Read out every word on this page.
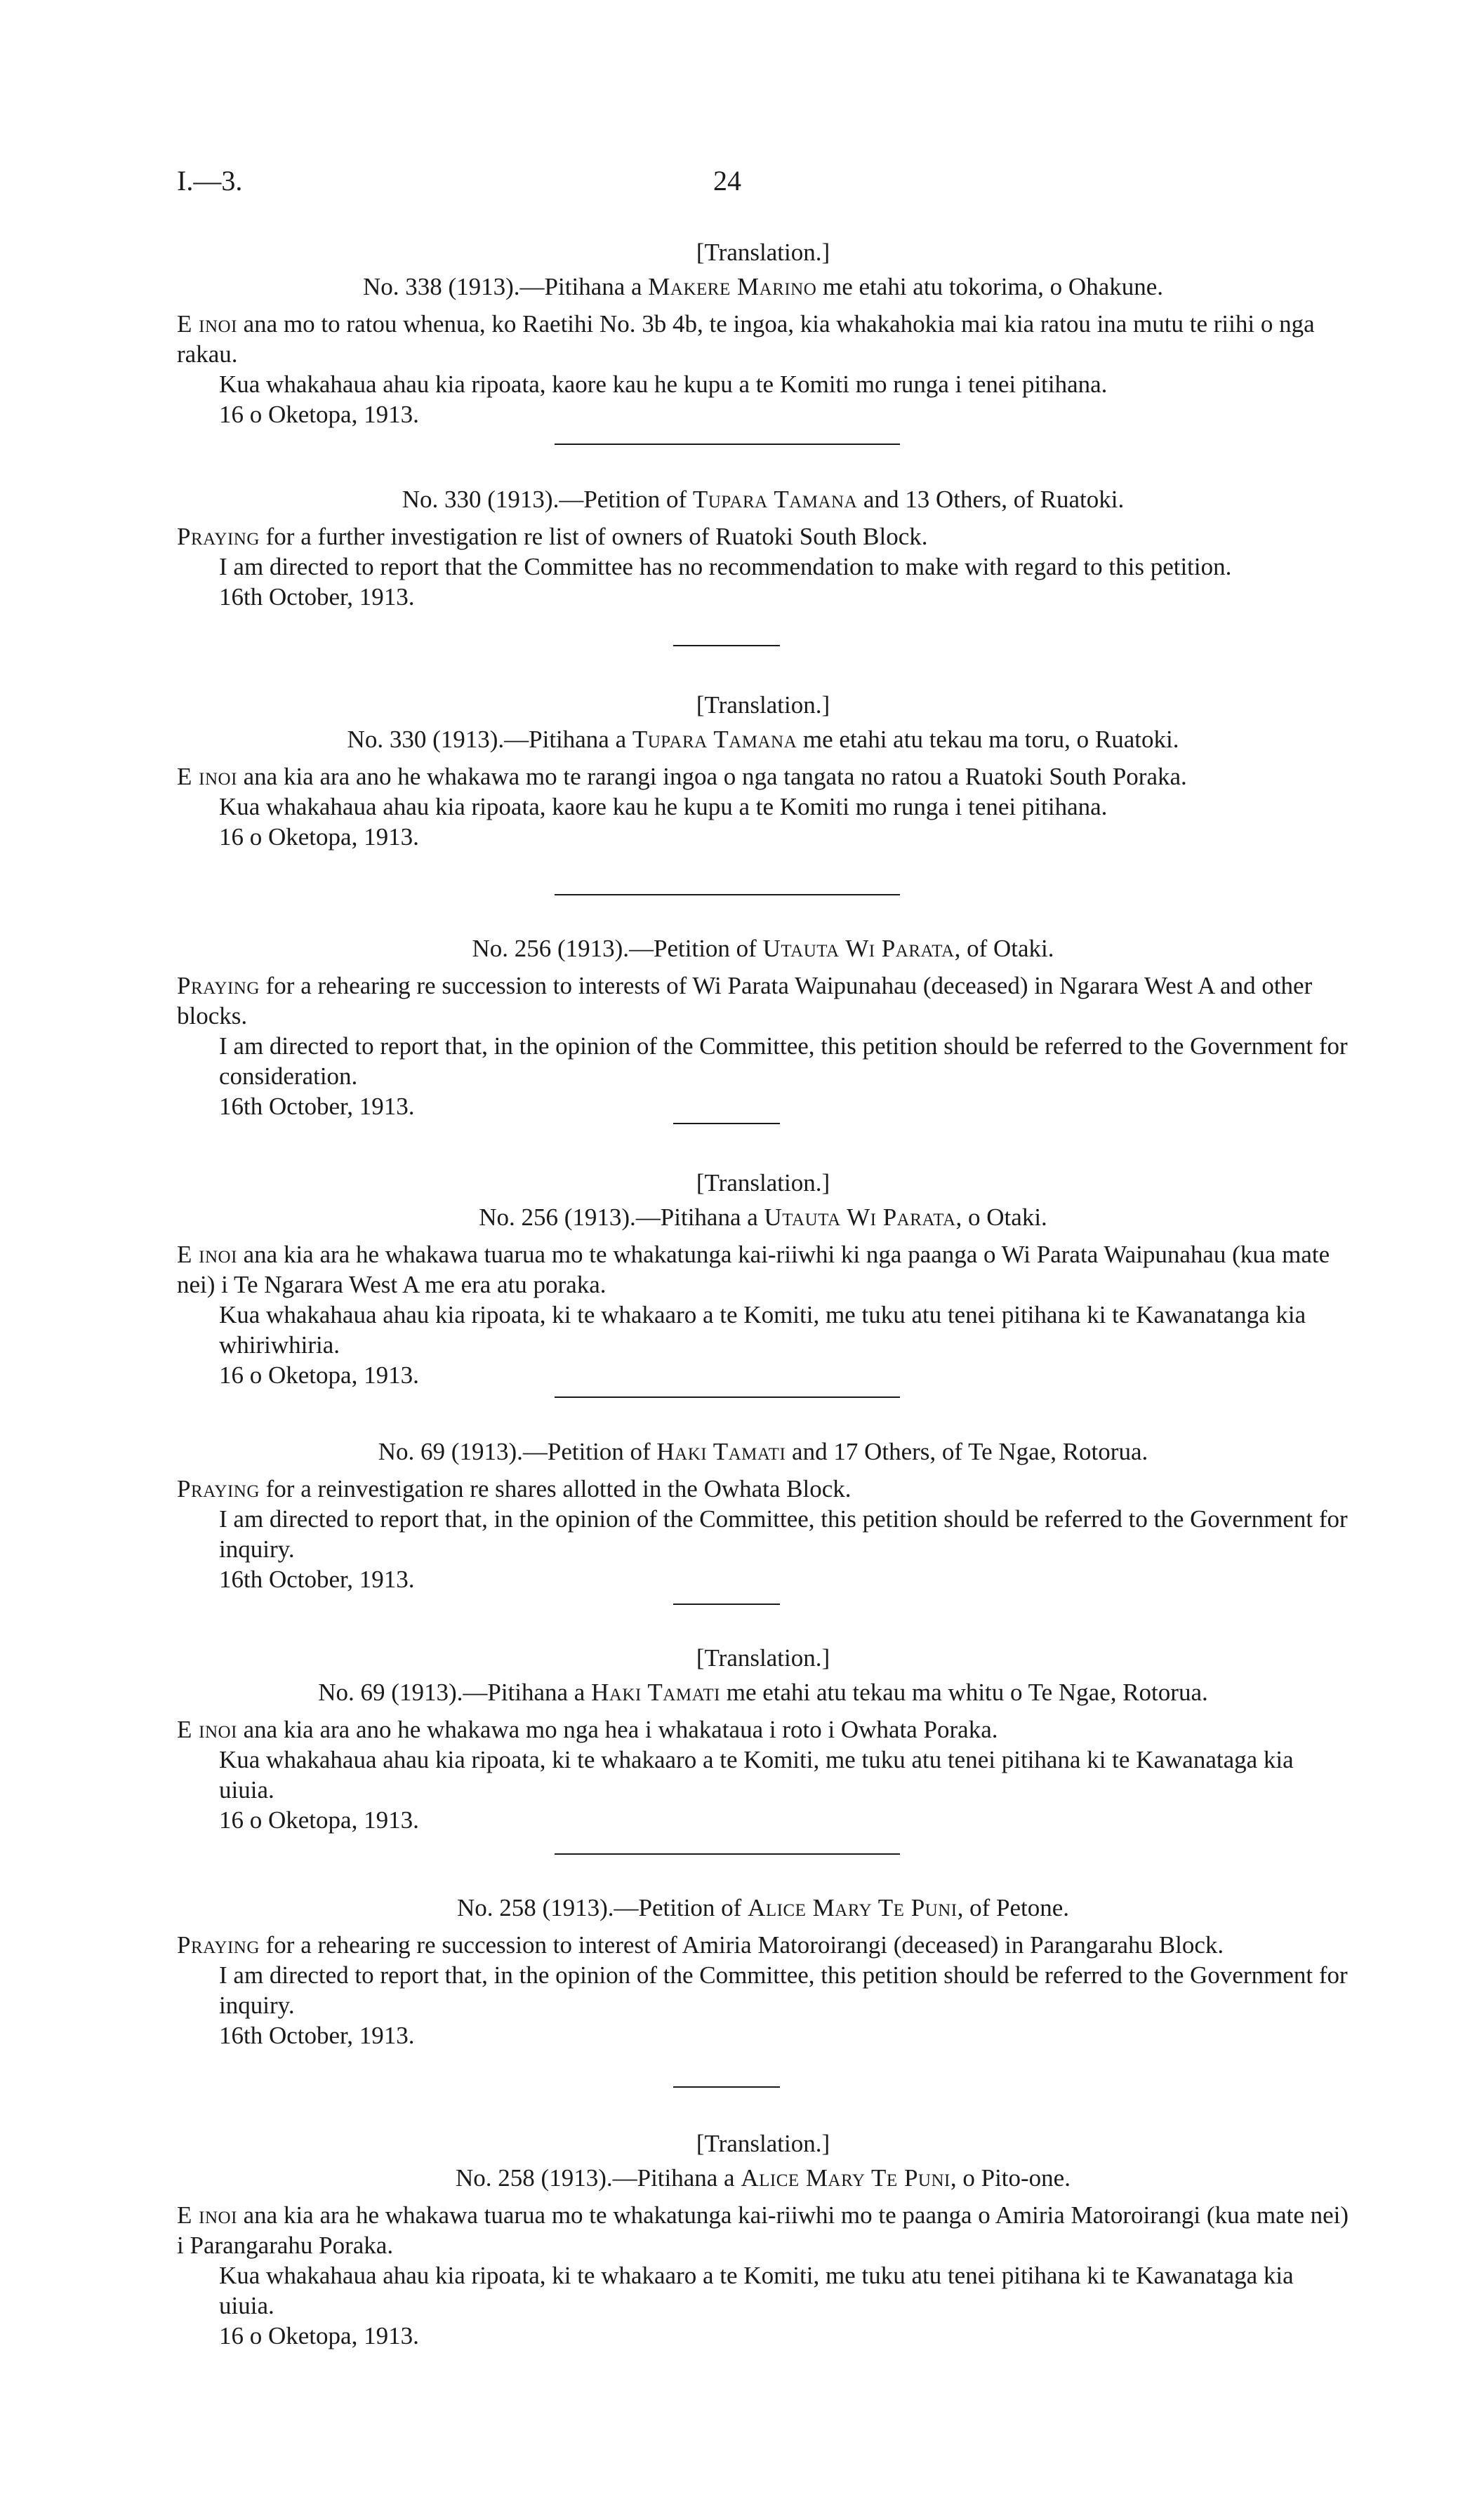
I.—3.	24

[Translation.]

No. 338 (1913).—Pitihana a Makere Marino me etahi atu tokorima, o Ohakune.

E inoi ana mo to ratou whenua, ko Raetihi No. 3b 4b, te ingoa, kia whakahokia mai kia ratou ina mutu te riihi o nga rakau.

Kua whakahaua ahau kia ripoata, kaore kau he kupu a te Komiti mo runga i tenei pitihana.

16 o Oketopa, 1913.

No. 330 (1913).—Petition of Tupara Tamana and 13 Others, of Ruatoki.

Praying for a further investigation re list of owners of Ruatoki South Block.

I am directed to report that the Committee has no recommendation to make with regard to this petition.

16th October, 1913.

[Translation.]

No. 330 (1913).—Pitihana a Tupara Tamana me etahi atu tekau ma toru, o Ruatoki.

E inoi ana kia ara ano he whakawa mo te rarangi ingoa o nga tangata no ratou a Ruatoki South Poraka.

Kua whakahaua ahau kia ripoata, kaore kau he kupu a te Komiti mo runga i tenei pitihana.

16 o Oketopa, 1913.

No. 256 (1913).—Petition of Utauta Wi Parata, of Otaki.

Praying for a rehearing re succession to interests of Wi Parata Waipunahau (deceased) in Ngarara West A and other blocks.

I am directed to report that, in the opinion of the Committee, this petition should be referred to the Government for consideration.

16th October, 1913.

[Translation.]

No. 256 (1913).—Pitihana a Utauta Wi Parata, o Otaki.

E inoi ana kia ara he whakawa tuarua mo te whakatunga kai-riiwhi ki nga paanga o Wi Parata Waipunahau (kua mate nei) i Te Ngarara West A me era atu poraka.

Kua whakahaua ahau kia ripoata, ki te whakaaro a te Komiti, me tuku atu tenei pitihana ki te Kawanatanga kia whiriwhiria.

16 o Oketopa, 1913.

No. 69 (1913).—Petition of Haki Tamati and 17 Others, of Te Ngae, Rotorua.

Praying for a reinvestigation re shares allotted in the Owhata Block.

I am directed to report that, in the opinion of the Committee, this petition should be referred to the Government for inquiry.

16th October, 1913.

[Translation.]

No. 69 (1913).—Pitihana a Haki Tamati me etahi atu tekau ma whitu o Te Ngae, Rotorua.

E inoi ana kia ara ano he whakawa mo nga hea i whakataua i roto i Owhata Poraka.

Kua whakahaua ahau kia ripoata, ki te whakaaro a te Komiti, me tuku atu tenei pitihana ki te Kawanataga kia uiuia.

16 o Oketopa, 1913.

No. 258 (1913).—Petition of Alice Mary Te Puni, of Petone.

Praying for a rehearing re succession to interest of Amiria Matoroirangi (deceased) in Parangarahu Block.

I am directed to report that, in the opinion of the Committee, this petition should be referred to the Government for inquiry.

16th October, 1913.

[Translation.]

No. 258 (1913).—Pitihana a Alice Mary Te Puni, o Pito-one.

E inoi ana kia ara he whakawa tuarua mo te whakatunga kai-riiwhi mo te paanga o Amiria Matoroirangi (kua mate nei) i Parangarahu Poraka.

Kua whakahaua ahau kia ripoata, ki te whakaaro a te Komiti, me tuku atu tenei pitihana ki te Kawanataga kia uiuia.

16 o Oketopa, 1913.
